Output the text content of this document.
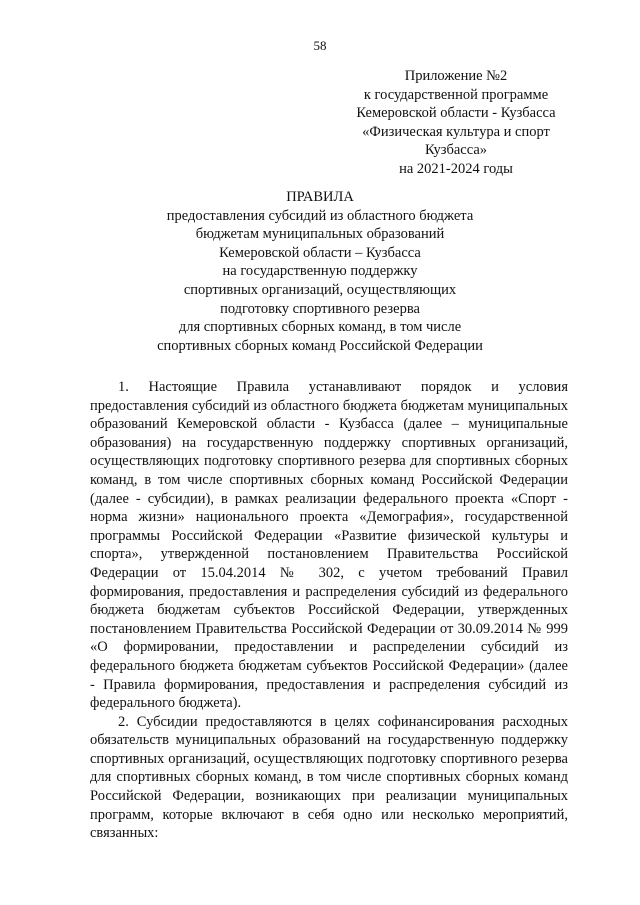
58
Приложение №2
к государственной программе
Кемеровской области - Кузбасса
«Физическая культура и спорт
Кузбасса»
на 2021-2024 годы
ПРАВИЛА
предоставления субсидий из областного бюджета
бюджетам муниципальных образований
Кемеровской области – Кузбасса
на государственную поддержку
спортивных организаций, осуществляющих
подготовку спортивного резерва
для спортивных сборных команд, в том числе
спортивных сборных команд Российской Федерации

1. Настоящие Правила устанавливают порядок и условия предоставления субсидий из областного бюджета бюджетам муниципальных образований Кемеровской области - Кузбасса (далее – муниципальные образования) на государственную поддержку спортивных организаций, осуществляющих подготовку спортивного резерва для спортивных сборных команд, в том числе спортивных сборных команд Российской Федерации (далее - субсидии), в рамках реализации федерального проекта «Спорт - норма жизни» национального проекта «Демография», государственной программы Российской Федерации «Развитие физической культуры и спорта», утвержденной постановлением Правительства Российской Федерации от 15.04.2014 № 302, с учетом требований Правил формирования, предоставления и распределения субсидий из федерального бюджета бюджетам субъектов Российской Федерации, утвержденных постановлением Правительства Российской Федерации от 30.09.2014 № 999 «О формировании, предоставлении и распределении субсидий из федерального бюджета бюджетам субъектов Российской Федерации» (далее - Правила формирования, предоставления и распределения субсидий из федерального бюджета).

2. Субсидии предоставляются в целях софинансирования расходных обязательств муниципальных образований на государственную поддержку спортивных организаций, осуществляющих подготовку спортивного резерва для спортивных сборных команд, в том числе спортивных сборных команд Российской Федерации, возникающих при реализации муниципальных программ, которые включают в себя одно или несколько мероприятий, связанных:
